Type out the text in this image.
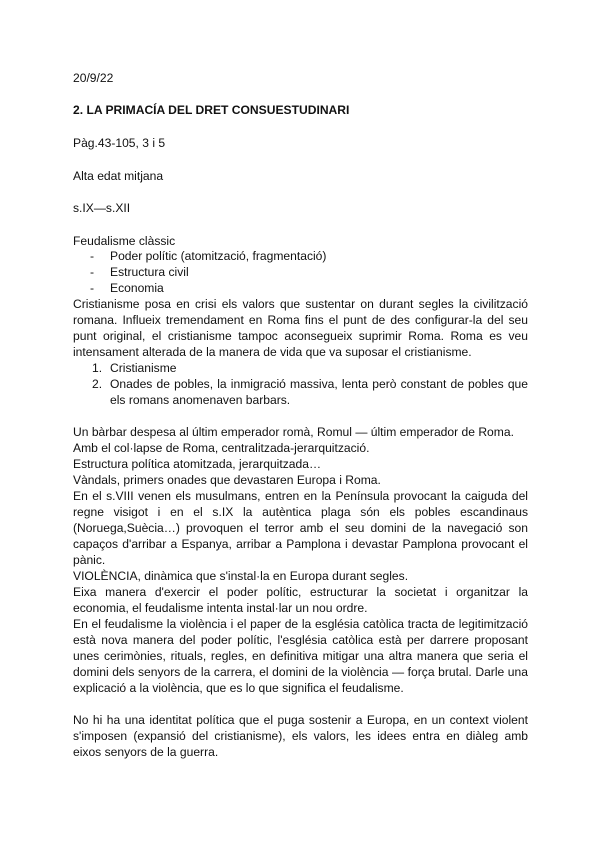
20/9/22
2. LA PRIMACÍA DEL DRET CONSUESTUDINARI
Pàg.43-105, 3 i 5
Alta edat mitjana
s.IX—s.XII
Feudalisme clàssic
- Poder polític (atomització, fragmentació)
- Estructura civil
- Economia
Cristianisme posa en crisi els valors que sustentar on durant segles la civilització
romana. Influeix tremendament en Roma fins el punt de des configurar-la del seu
punt original, el cristianisme tampoc aconsegueix suprimir Roma. Roma es veu
intensament alterada de la manera de vida que va suposar el cristianisme.
1. Cristianisme
2. Onades de pobles, la inmigració massiva, lenta però constant de pobles que
els romans anomenaven barbars.
Un bàrbar despesa al últim emperador romà, Romul — últim emperador de Roma.
Amb el col·lapse de Roma, centralitzada-jerarquització.
Estructura política atomitzada, jerarquitzada…
Vàndals, primers onades que devastaren Europa i Roma.
En el s.VIII venen els musulmans, entren en la Península provocant la caiguda del
regne visigot i en el s.IX la autèntica plaga són els pobles escandinaus
(Noruega,Suècia…) provoquen el terror amb el seu domini de la navegació son
capaços d'arribar a Espanya, arribar a Pamplona i devastar Pamplona provocant el
pànic.
VIOLÈNCIA, dinàmica que s'instal·la en Europa durant segles.
Eixa manera d'exercir el poder polític, estructurar la societat i organitzar la
economia, el feudalisme intenta instal·lar un nou ordre.
En el feudalisme la violència i el paper de la església catòlica tracta de legitimització
està nova manera del poder polític, l'església catòlica està per darrere proposant
unes cerimònies, rituals, regles, en definitiva mitigar una altra manera que seria el
domini dels senyors de la carrera, el domini de la violència — força brutal. Darle una
explicació a la violència, que es lo que significa el feudalisme.
No hi ha una identitat política que el puga sostenir a Europa, en un context violent
s'imposen (expansió del cristianisme), els valors, les idees entra en diàleg amb
eixos senyors de la guerra.
